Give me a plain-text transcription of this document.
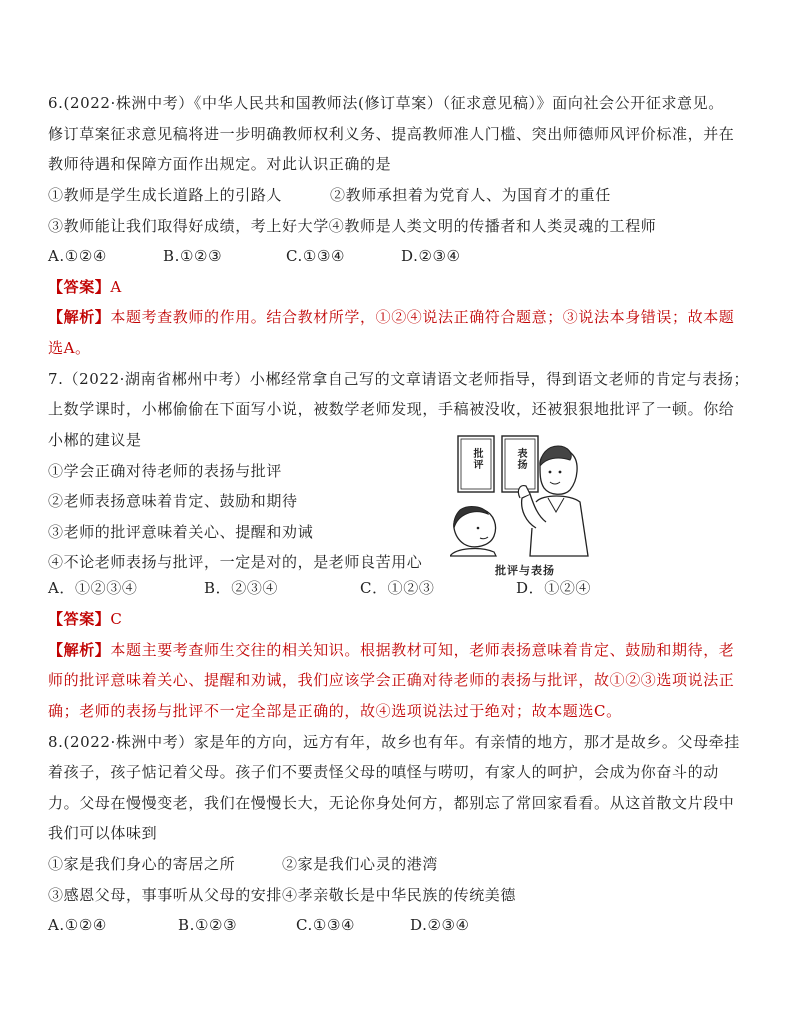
6.(2022·株洲中考）《中华人民共和国教师法(修订草案）（征求意见稿）》面向社会公开征求意见。
修订草案征求意见稿将进一步明确教师权利义务、提高教师准人门槛、突出师德师风评价标准，并在
教师待遇和保障方面作出规定。对此认识正确的是
①教师是学生成长道路上的引路人	②教师承担着为党育人、为国育才的重任
③教师能让我们取得好成绩，考上好大学④教师是人类文明的传播者和人类灵魂的工程师
A.①②④	B.①②③	C.①③④	D.②③④
【答案】A
【解析】本题考查教师的作用。结合教材所学，①②④说法正确符合题意；③说法本身错误；故本题
选A。
7.（2022·湖南省郴州中考）小郴经常拿自己写的文章请语文老师指导，得到语文老师的肯定与表扬；
上数学课时，小郴偷偷在下面写小说，被数学老师发现，手稿被没收，还被狠狠地批评了一顿。你给
小郴的建议是
①学会正确对待老师的表扬与批评
②老师表扬意味着肯定、鼓励和期待
③老师的批评意味着关心、提醒和劝诫
④不论老师表扬与批评，一定是对的，是老师良苦用心
批评	表扬
批评与表扬
A．①②③④	B．②③④	C．①②③	D．①②④
【答案】C
【解析】本题主要考查师生交往的相关知识。根据教材可知，老师表扬意味着肯定、鼓励和期待，老
师的批评意味着关心、提醒和劝诫，我们应该学会正确对待老师的表扬与批评，故①②③选项说法正
确；老师的表扬与批评不一定全部是正确的，故④选项说法过于绝对；故本题选C。
8.(2022·株洲中考）家是年的方向，远方有年，故乡也有年。有亲情的地方，那才是故乡。父母牵挂
着孩子，孩子惦记着父母。孩子们不要责怪父母的嗔怪与唠叨，有家人的呵护，会成为你奋斗的动
力。父母在慢慢变老，我们在慢慢长大，无论你身处何方，都别忘了常回家看看。从这首散文片段中
我们可以体味到
①家是我们身心的寄居之所	②家是我们心灵的港湾
③感恩父母，事事听从父母的安排④孝亲敬长是中华民族的传统美德
A.①②④	B.①②③	C.①③④	D.②③④
